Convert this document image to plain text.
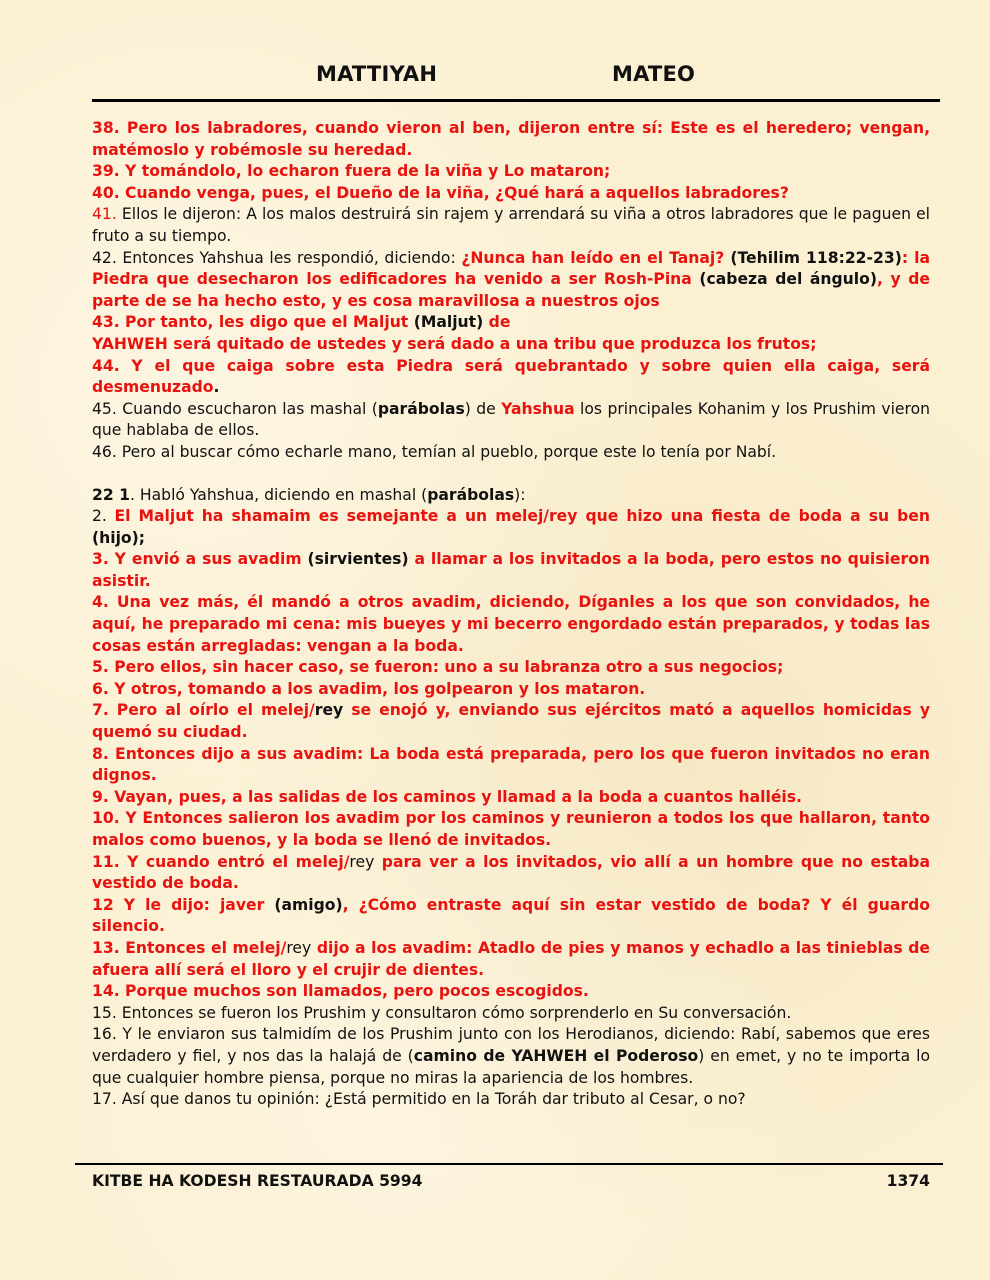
MATTIYAH	MATEO

38. Pero los labradores, cuando vieron al ben, dijeron entre sí: Este es el heredero; vengan, matémoslo y robémosle su heredad.

39. Y tomándolo, lo echaron fuera de la viña y Lo mataron;

40. Cuando venga, pues, el Dueño de la viña, ¿Qué hará a aquellos labradores?

41. Ellos le dijeron: A los malos destruirá sin rajem y arrendará su viña a otros labradores que le paguen el fruto a su tiempo.

42. Entonces Yahshua les respondió, diciendo: ¿Nunca han leído en el Tanaj? (Tehilim 118:22-23): la Piedra que desecharon los edificadores ha venido a ser Rosh-Pina (cabeza del ángulo), y de parte de se ha hecho esto, y es cosa maravillosa a nuestros ojos

43. Por tanto, les digo que el Maljut (Maljut) de
YAHWEH será quitado de ustedes y será dado a una tribu que produzca los frutos;

44. Y el que caiga sobre esta Piedra será quebrantado y sobre quien ella caiga, será desmenuzado.

45. Cuando escucharon las mashal (parábolas) de Yahshua los principales Kohanim y los Prushim vieron que hablaba de ellos.

46. Pero al buscar cómo echarle mano, temían al pueblo, porque este lo tenía por Nabí.

22 1. Habló Yahshua, diciendo en mashal (parábolas):

2. El Maljut ha shamaim es semejante a un melej/rey que hizo una fiesta de boda a su ben (hijo);

3. Y envió a sus avadim (sirvientes) a llamar a los invitados a la boda, pero estos no quisieron asistir.

4. Una vez más, él mandó a otros avadim, diciendo, Díganles a los que son convidados, he aquí, he preparado mi cena: mis bueyes y mi becerro engordado están preparados, y todas las cosas están arregladas: vengan a la boda.

5. Pero ellos, sin hacer caso, se fueron: uno a su labranza otro a sus negocios;

6. Y otros, tomando a los avadim, los golpearon y los mataron.

7. Pero al oírlo el melej/rey se enojó y, enviando sus ejércitos mató a aquellos homicidas y quemó su ciudad.

8. Entonces dijo a sus avadim: La boda está preparada, pero los que fueron invitados no eran dignos.

9. Vayan, pues, a las salidas de los caminos y llamad a la boda a cuantos halléis.

10. Y Entonces salieron los avadim por los caminos y reunieron a todos los que hallaron, tanto malos como buenos, y la boda se llenó de invitados.

11. Y cuando entró el melej/rey para ver a los invitados, vio allí a un hombre que no estaba vestido de boda.

12 Y le dijo: javer (amigo), ¿Cómo entraste aquí sin estar vestido de boda? Y él guardo silencio.

13. Entonces el melej/rey dijo a los avadim: Atadlo de pies y manos y echadlo a las tinieblas de afuera allí será el lloro y el crujir de dientes.

14. Porque muchos son llamados, pero pocos escogidos.

15. Entonces se fueron los Prushim y consultaron cómo sorprenderlo en Su conversación.

16. Y le enviaron sus talmidím de los Prushim junto con los Herodianos, diciendo: Rabí, sabemos que eres verdadero y fiel, y nos das la halajá de (camino de YAHWEH el Poderoso) en emet, y no te importa lo que cualquier hombre piensa, porque no miras la apariencia de los hombres.

17. Así que danos tu opinión: ¿Está permitido en la Toráh dar tributo al Cesar, o no?

KITBE HA KODESH RESTAURADA 5994	1374
